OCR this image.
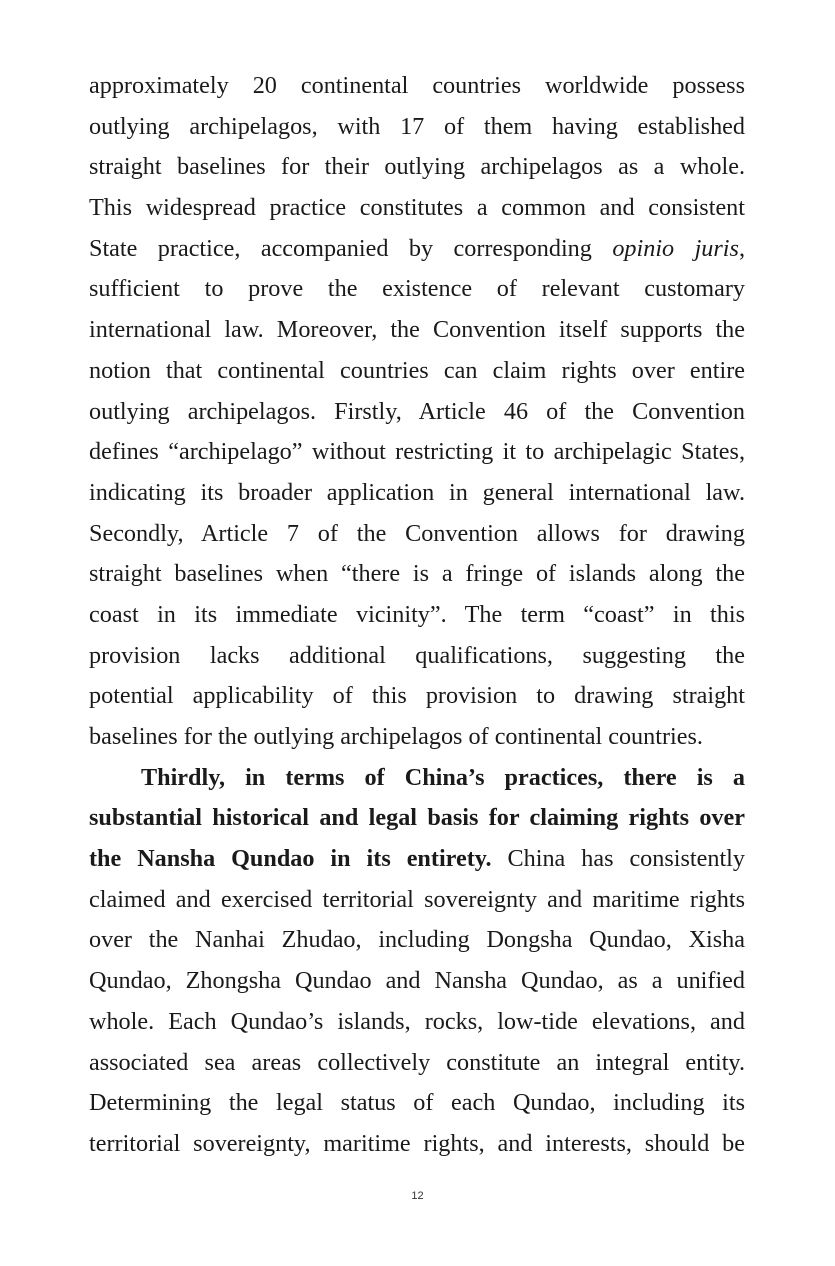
approximately 20 continental countries worldwide possess
outlying archipelagos, with 17 of them having established
straight baselines for their outlying archipelagos as a whole.
This widespread practice constitutes a common and consistent
State practice, accompanied by corresponding opinio juris,
sufficient to prove the existence of relevant customary
international law. Moreover, the Convention itself supports the
notion that continental countries can claim rights over entire
outlying archipelagos. Firstly, Article 46 of the Convention
defines “archipelago” without restricting it to archipelagic States,
indicating its broader application in general international law.
Secondly, Article 7 of the Convention allows for drawing
straight baselines when “there is a fringe of islands along the
coast in its immediate vicinity”. The term “coast” in this
provision lacks additional qualifications, suggesting the
potential applicability of this provision to drawing straight
baselines for the outlying archipelagos of continental countries.
Thirdly, in terms of China’s practices, there is a
substantial historical and legal basis for claiming rights over
the Nansha Qundao in its entirety. China has consistently
claimed and exercised territorial sovereignty and maritime rights
over the Nanhai Zhudao, including Dongsha Qundao, Xisha
Qundao, Zhongsha Qundao and Nansha Qundao, as a unified
whole. Each Qundao’s islands, rocks, low-tide elevations, and
associated sea areas collectively constitute an integral entity.
Determining the legal status of each Qundao, including its
territorial sovereignty, maritime rights, and interests, should be
12
